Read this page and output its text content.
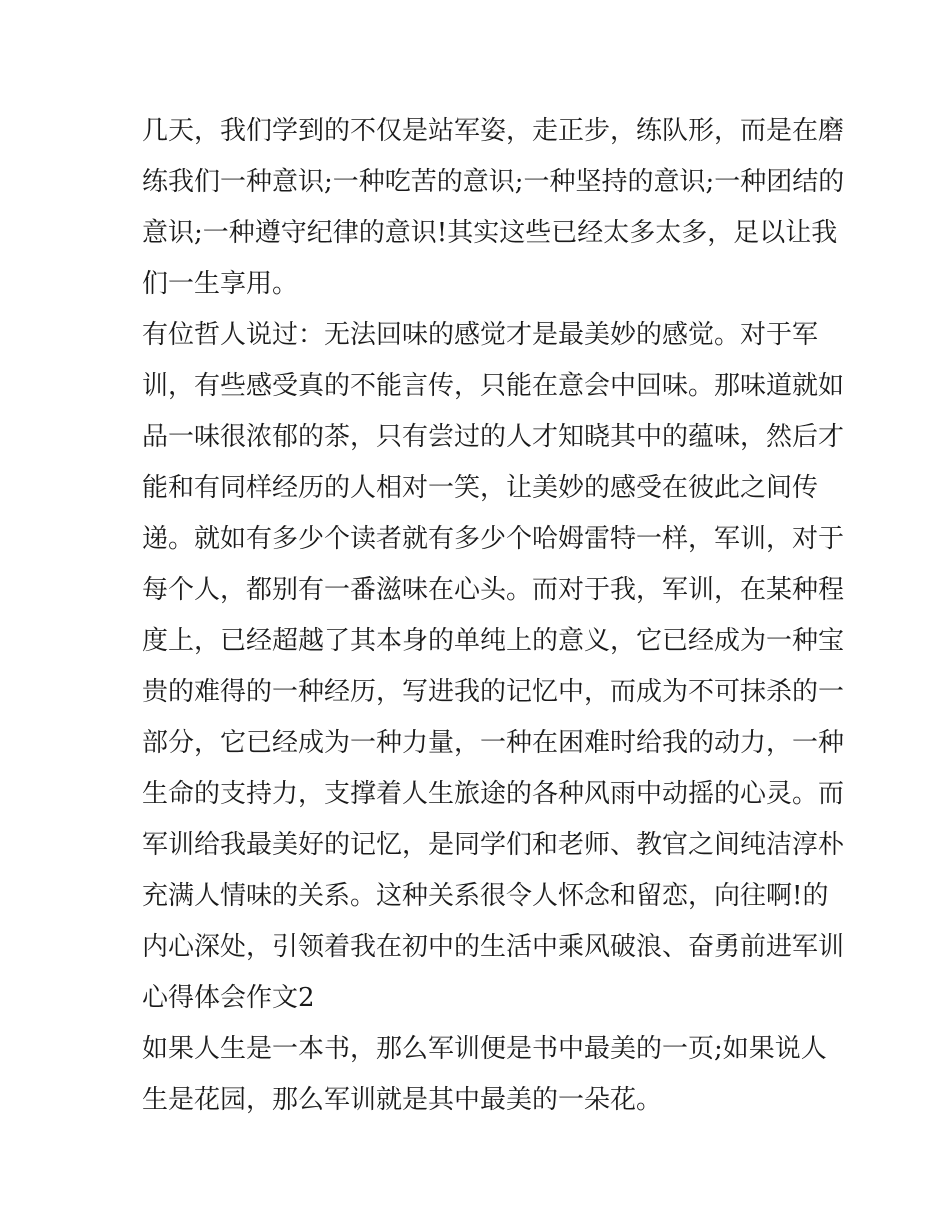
几天，我们学到的不仅是站军姿，走正步，练队形，而是在磨
练我们一种意识;一种吃苦的意识;一种坚持的意识;一种团结的
意识;一种遵守纪律的意识!其实这些已经太多太多，足以让我
们一生享用。
有位哲人说过：无法回味的感觉才是最美妙的感觉。对于军
训，有些感受真的不能言传，只能在意会中回味。那味道就如
品一味很浓郁的茶，只有尝过的人才知晓其中的蕴味，然后才
能和有同样经历的人相对一笑，让美妙的感受在彼此之间传
递。就如有多少个读者就有多少个哈姆雷特一样，军训，对于
每个人，都别有一番滋味在心头。而对于我，军训，在某种程
度上，已经超越了其本身的单纯上的意义，它已经成为一种宝
贵的难得的一种经历，写进我的记忆中，而成为不可抹杀的一
部分，它已经成为一种力量，一种在困难时给我的动力，一种
生命的支持力，支撑着人生旅途的各种风雨中动摇的心灵。而
军训给我最美好的记忆，是同学们和老师、教官之间纯洁淳朴
充满人情味的关系。这种关系很令人怀念和留恋，向往啊!的
内心深处，引领着我在初中的生活中乘风破浪、奋勇前进军训
心得体会作文2
如果人生是一本书，那么军训便是书中最美的一页;如果说人
生是花园，那么军训就是其中最美的一朵花。
